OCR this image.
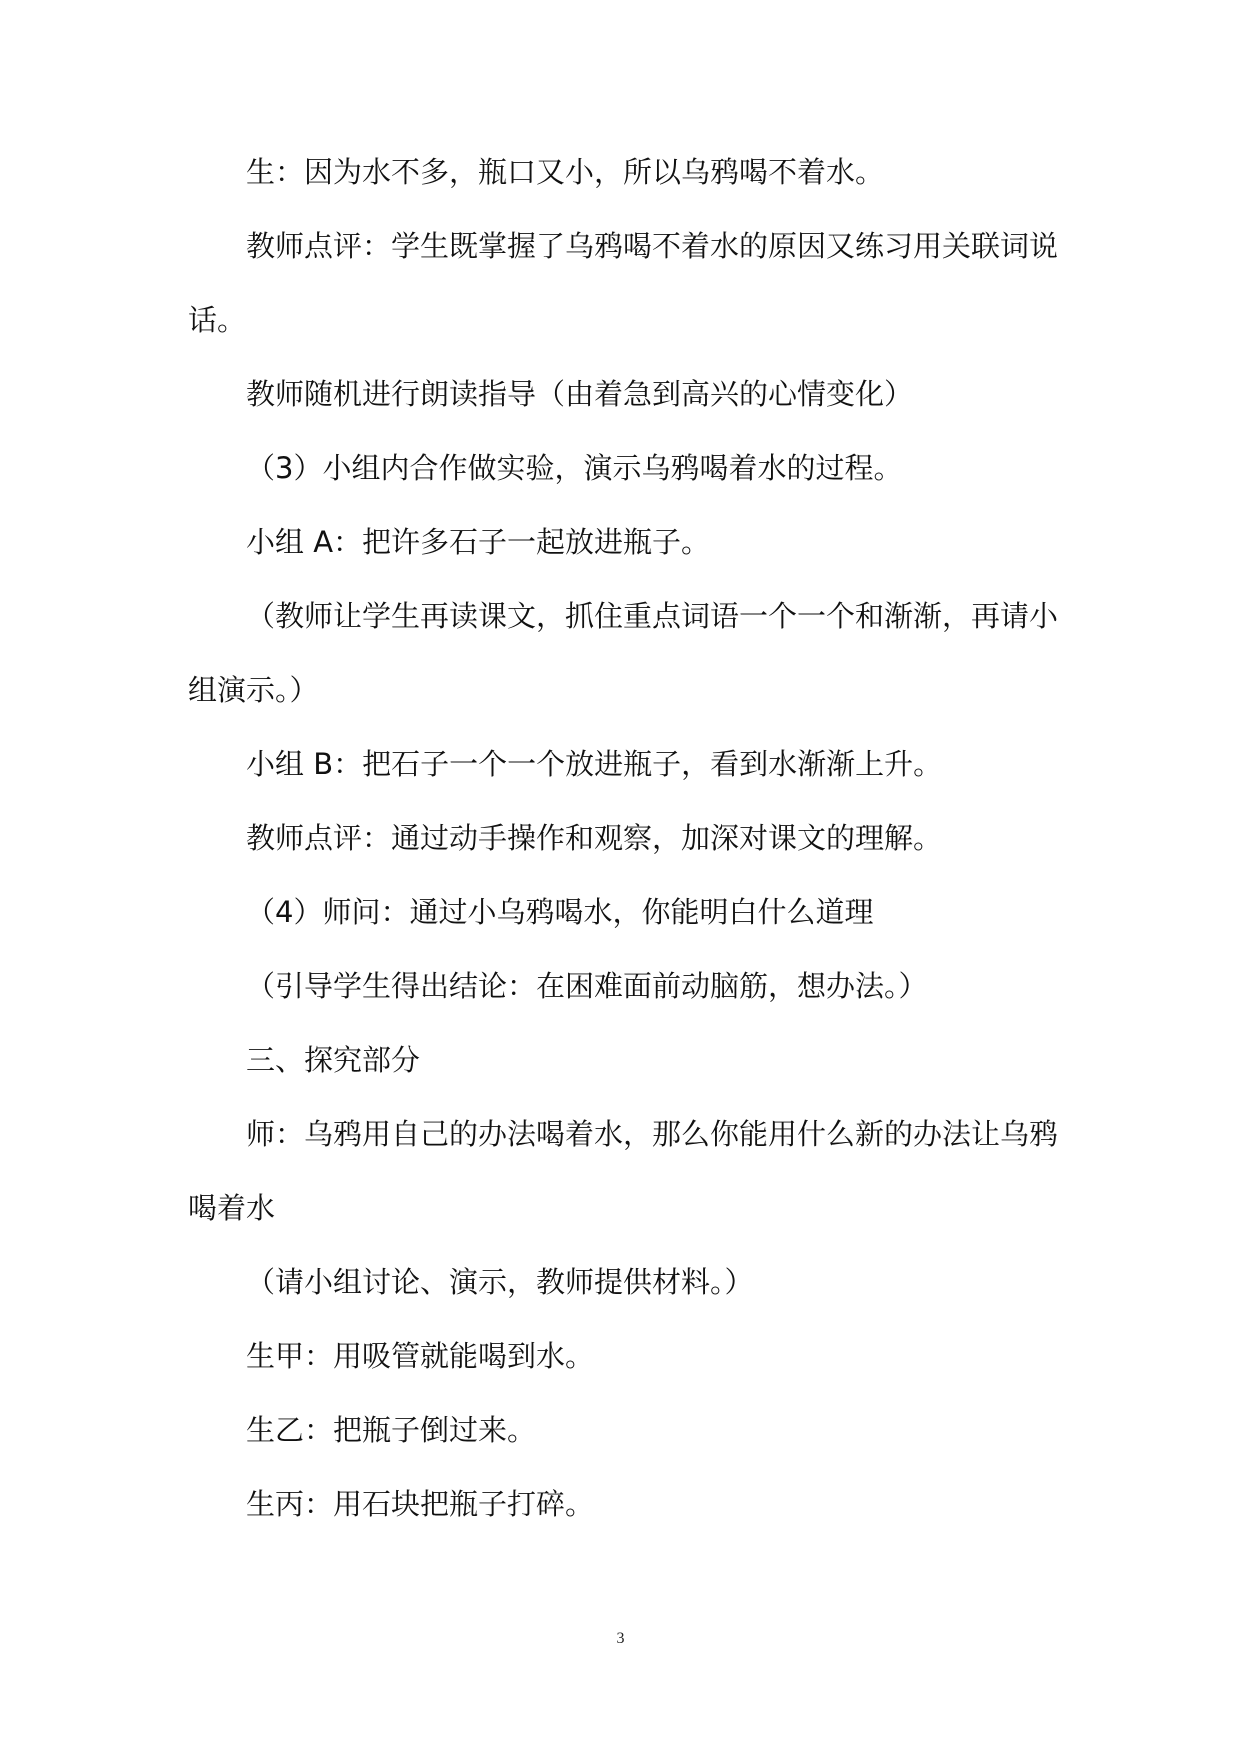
生：因为水不多，瓶口又小，所以乌鸦喝不着水。

教师点评：学生既掌握了乌鸦喝不着水的原因又练习用关联词说

话。

教师随机进行朗读指导（由着急到高兴的心情变化）

（3）小组内合作做实验，演示乌鸦喝着水的过程。

小组 A：把许多石子一起放进瓶子。

（教师让学生再读课文，抓住重点词语一个一个和渐渐，再请小

组演示。）

小组 B：把石子一个一个放进瓶子，看到水渐渐上升。

教师点评：通过动手操作和观察，加深对课文的理解。

（4）师问：通过小乌鸦喝水，你能明白什么道理

（引导学生得出结论：在困难面前动脑筋，想办法。）

三、探究部分

师：乌鸦用自己的办法喝着水，那么你能用什么新的办法让乌鸦

喝着水

（请小组讨论、演示，教师提供材料。）

生甲：用吸管就能喝到水。

生乙：把瓶子倒过来。

生丙：用石块把瓶子打碎。

3
